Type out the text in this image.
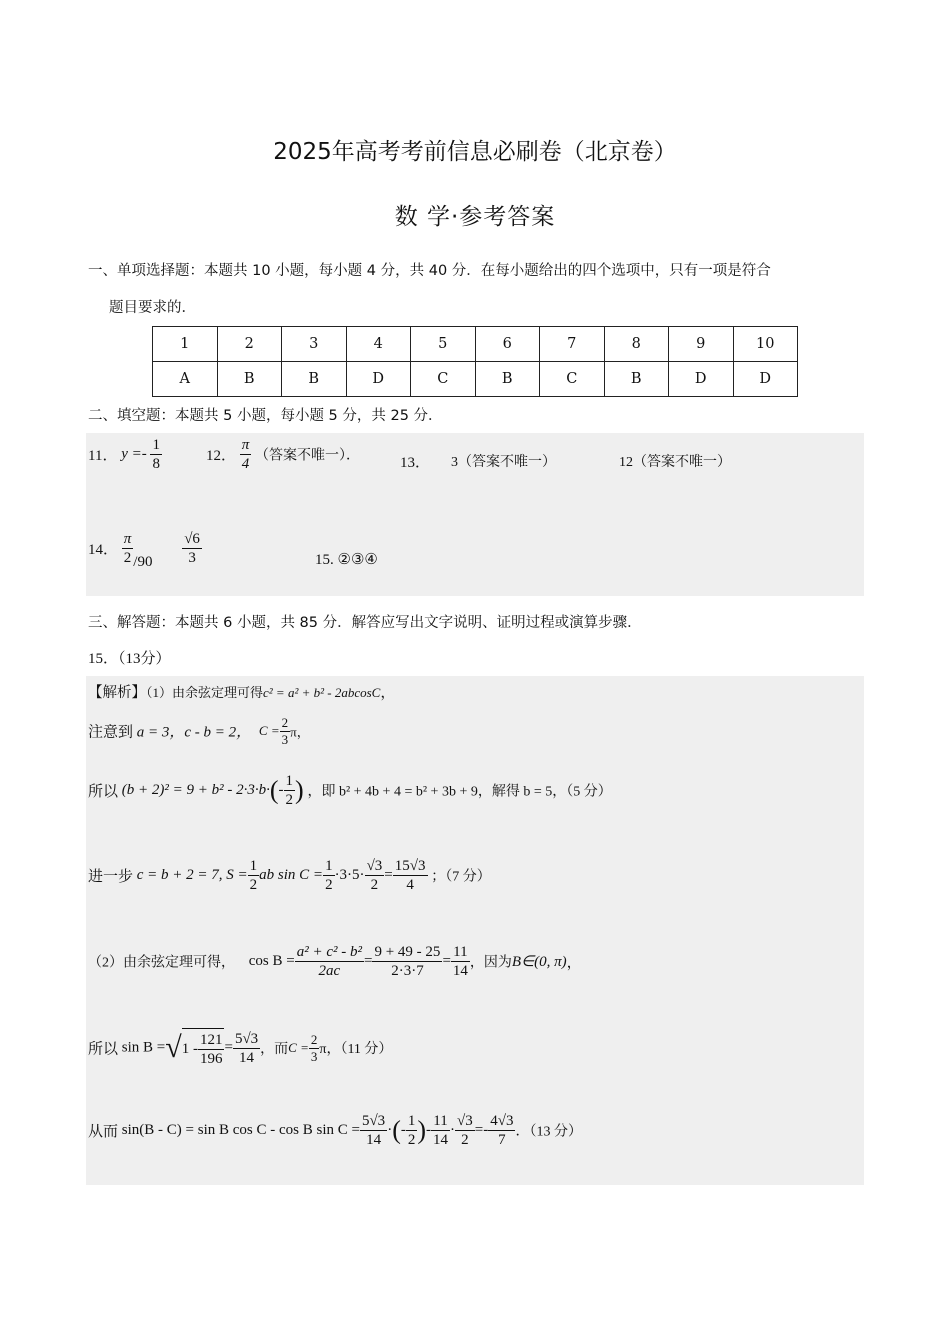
2025年高考考前信息必刷卷（北京卷）
数 学·参考答案
一、单项选择题：本题共 10 小题，每小题 4 分，共 40 分．在每小题给出的四个选项中，只有一项是符合
题目要求的．
1	2	3	4	5	6	7	8	9	10
A	B	B	D	C	B	C	B	D	D
二、填空题：本题共 5 小题，每小题 5 分，共 25 分．
11． $y =- \frac{1}{8}$	12． $\frac{\pi}{4}$ （答案不唯一）．	13． 3（答案不唯一）	12（答案不唯一）
14． $\frac{\pi}{2} /90 \frac{√6}{3}$	15. ②③④
三、解答题：本题共 6 小题，共 85 分．解答应写出文字说明、证明过程或演算步骤．
15．（13分）
【解析】（1）由余弦定理可得c² = a² + b² - 2abcosC，
注意到 a = 3，c - b = 2， $C = \frac{2}{3}$ π，
所以 $(b + 2)^2 = 9 + b^2 - 2\cdot 3\cdot b\cdot(- \frac{1}{2}$ ) ，即 b² + 4b + 4 = b² + 3b + 9，解得 b = 5，（5 分）
进一步 c = b + 2 = 7, $S = \frac{1}{2}$ ab $\sin C = \frac{1}{2} \cdot 3\cdot 5\cdot \frac{√3}{2} = \frac{15√3}{4}$ ；（7 分）
（2）由余弦定理可得， $\cos B = \frac{\text{a² + c² - b²}}{2ac} = \frac{9 + 49 - 25}{2\cdot 3\cdot 7} = \frac{11}{14}$ ，因为B∈(0, π)，
所以 $\sin B =√1 - \frac{121}{196} = \frac{5√3}{14}$ ，而$C = \frac{2}{3}$ π，（11 分）
从而 sin(B - C) = sin B cos C - cos B $\sin C = \frac{5√3}{14}$ ·(- $\frac{1}{2}$ )- $\frac{11}{14} \cdot \frac{√3}{2} =- \frac{4√3}{7}$ ．（13 分）
